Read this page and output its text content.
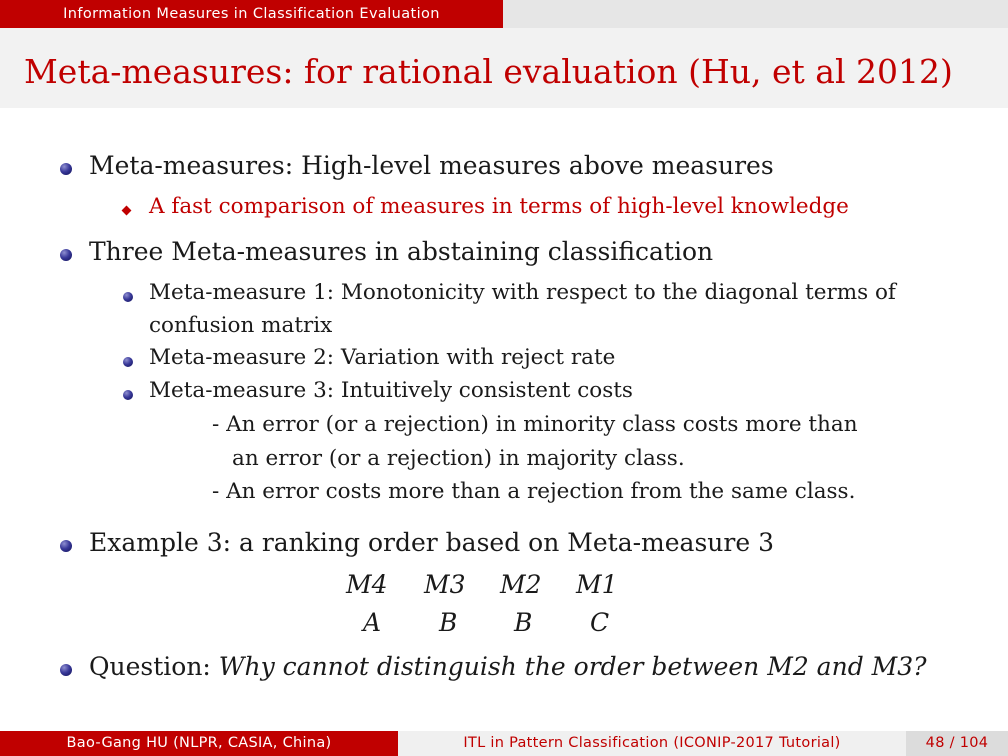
Information Measures in Classification Evaluation
Meta-measures: for rational evaluation (Hu, et al 2012)
Meta-measures: High-level measures above measures
A fast comparison of measures in terms of high-level knowledge
Three Meta-measures in abstaining classification
Meta-measure 1: Monotonicity with respect to the diagonal terms of
confusion matrix
Meta-measure 2: Variation with reject rate
Meta-measure 3: Intuitively consistent costs
- An error (or a rejection) in minority class costs more than
an error (or a rejection) in majority class.
- An error costs more than a rejection from the same class.
Example 3: a ranking order based on Meta-measure 3
M4 M3 M2 M1
A B B C
Question: Why cannot distinguish the order between M2 and M3?
Bao-Gang HU (NLPR, CASIA, China)	ITL in Pattern Classification (ICONIP-2017 Tutorial)	48 / 104
